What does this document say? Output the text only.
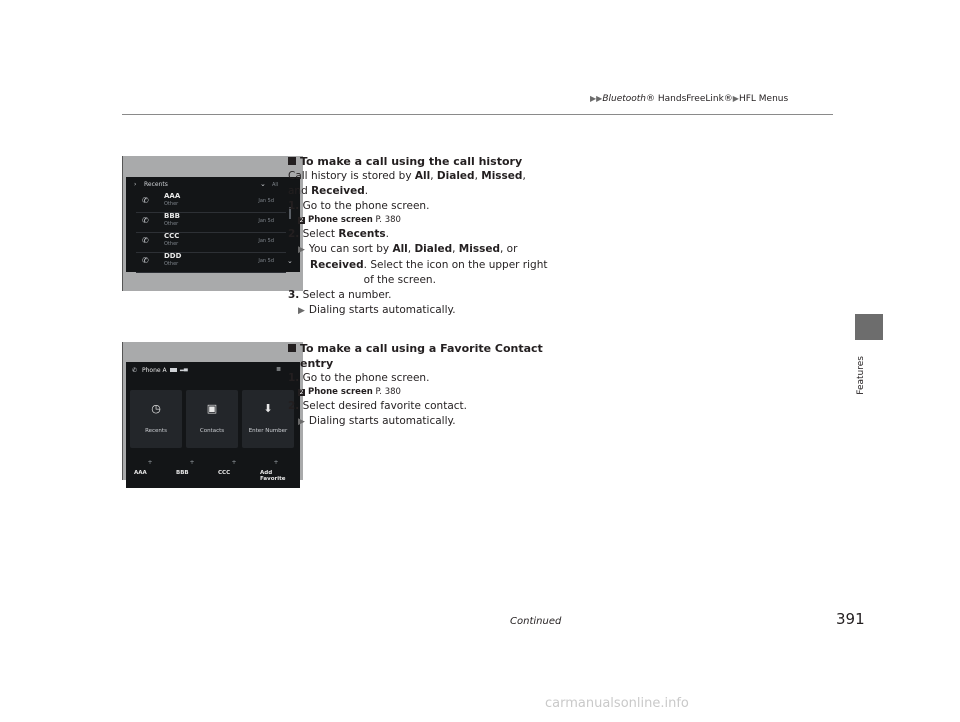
▶▶Bluetooth® HandsFreeLink®▶HFL Menus
Features
› Recents	⌄ All
✆ AAA
Other	Jan 5d
✆ BBB
Other	Jan 5d
✆ CCC
Other	Jan 5d
✆ DDD
Other	Jan 5d ⌄
✆ Phone A	▂▄	≣
◷
Recents
▣
Contacts
⬇
Enter Number
+
AAA
+
BBB
+
CCC
+
Add Favorite
To make a call using the call history
Call history is stored by All, Dialed, Missed,
and Received.
1. Go to the phone screen.
2 Phone screen P. 380
2. Select Recents.
▶ You can sort by All, Dialed, Missed, or
Received. Select the icon on the upper right of the screen.
3. Select a number.
▶ Dialing starts automatically.
To make a call using a Favorite Contact
entry
1. Go to the phone screen.
2 Phone screen P. 380
2. Select desired favorite contact.
▶ Dialing starts automatically.
Continued	391
carmanualsonline.info
